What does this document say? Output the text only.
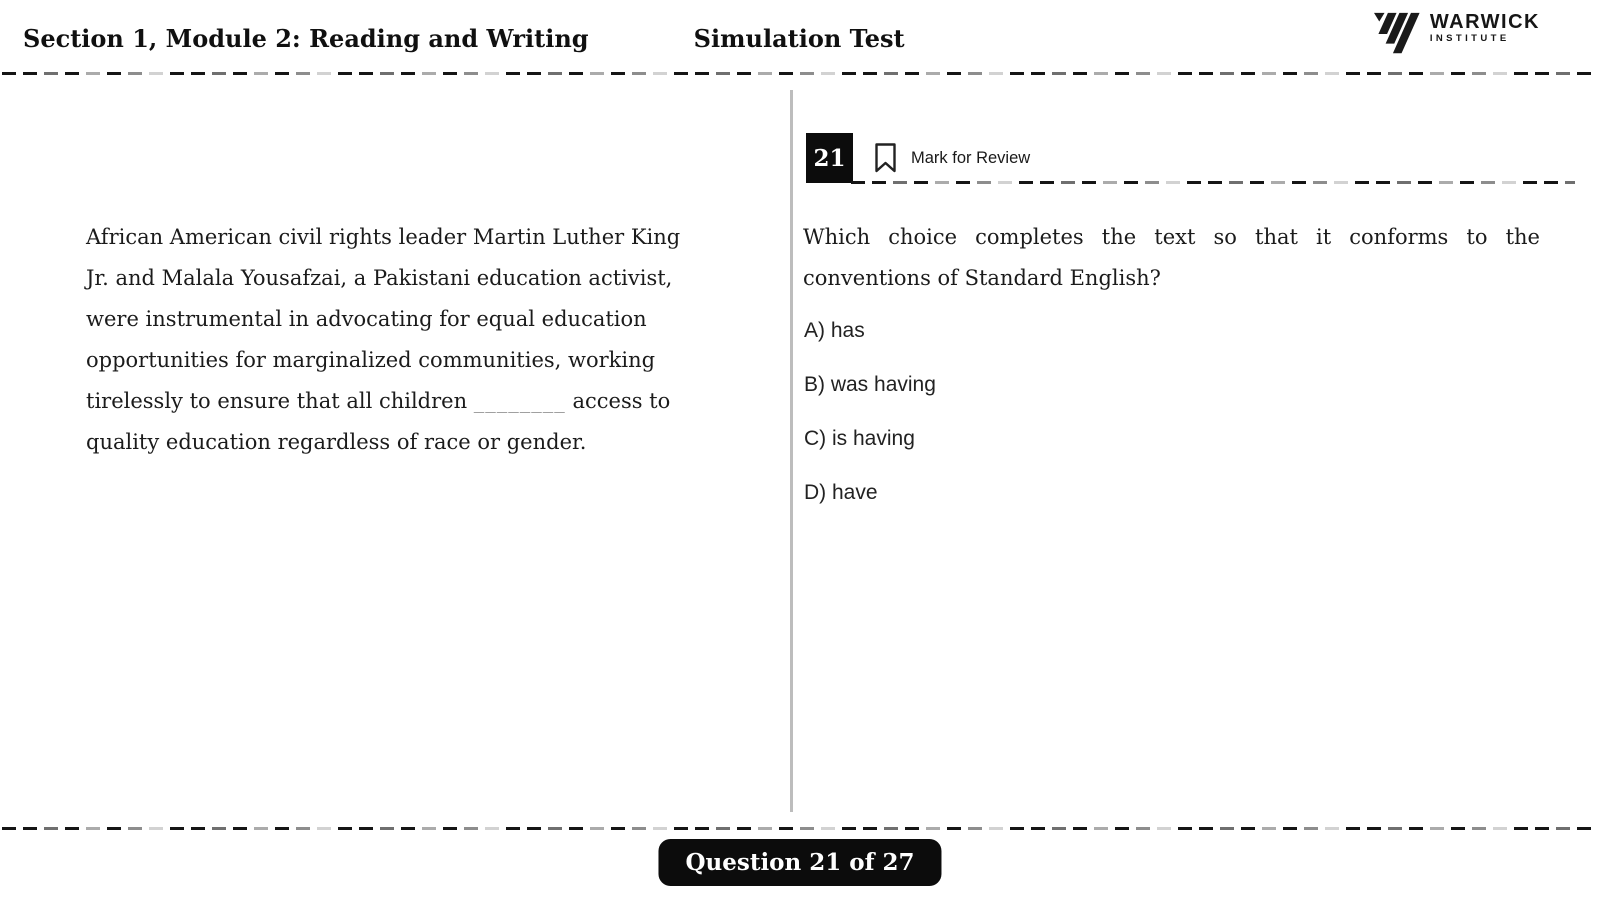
Section 1, Module 2: Reading and Writing	Simulation Test
WARWICK
INSTITUTE
African American civil rights leader Martin Luther King
Jr. and Malala Yousafzai, a Pakistani education activist,
were instrumental in advocating for equal education
opportunities for marginalized communities, working
tirelessly to ensure that all children ________ access to
quality education regardless of race or gender.
21	Mark for Review
Which choice completes the text so that it conforms to the
conventions of Standard English?
A) has
B) was having
C) is having
D) have
Question 21 of 27
